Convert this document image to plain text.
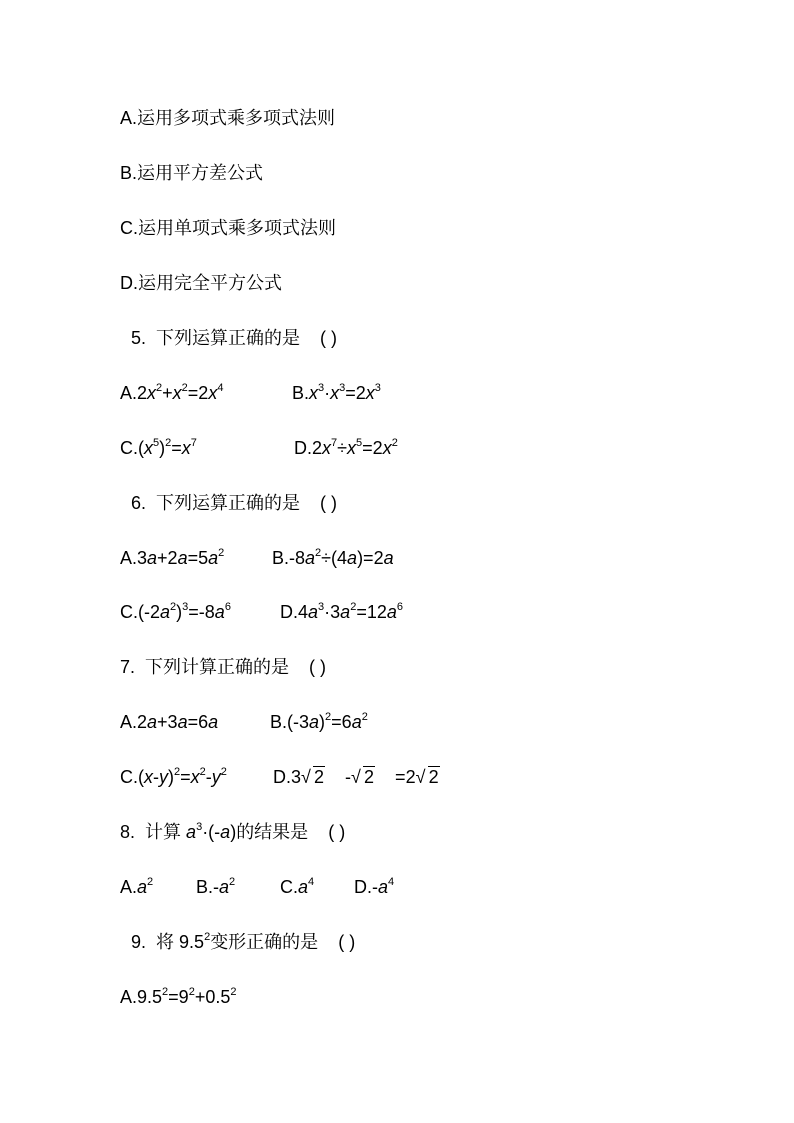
A.运用多项式乘多项式法则
B.运用平方差公式
C.运用单项式乘多项式法则
D.运用完全平方公式
5. 下列运算正确的是 ( )
$A.2x^2+x^2=2x^4$	$B.x^3\cdot x^3=2x^3$
$C.(x^5)^2=x^7$	$D.2x^7\div x^5=2x^2$
6. 下列运算正确的是 ( )
$A.3a+2a=5a^2$	$B.-8a^2\div(4a)=2a$
$C.(-2a^2)^3=-8a^6$	$D.4a^3\cdot 3a^2=12a^6$
7. 下列计算正确的是 ( )
A.2a+3a=6a	$B.(-3a)^2=6a^2$
$C.(x-y)^2=x^2-y^2$	D.3 √ 2    - √ 2    =2 √ 2
8. 计算 $a^3\cdot(-a)$的结果是 ( )
$A.a^2$ $B.-a^2$ $C.a^4$ $D.-a^4$
9. 将 $9.5^2$变形正确的是 ( )
$A.9.5^2=9^2+0.5^2$
